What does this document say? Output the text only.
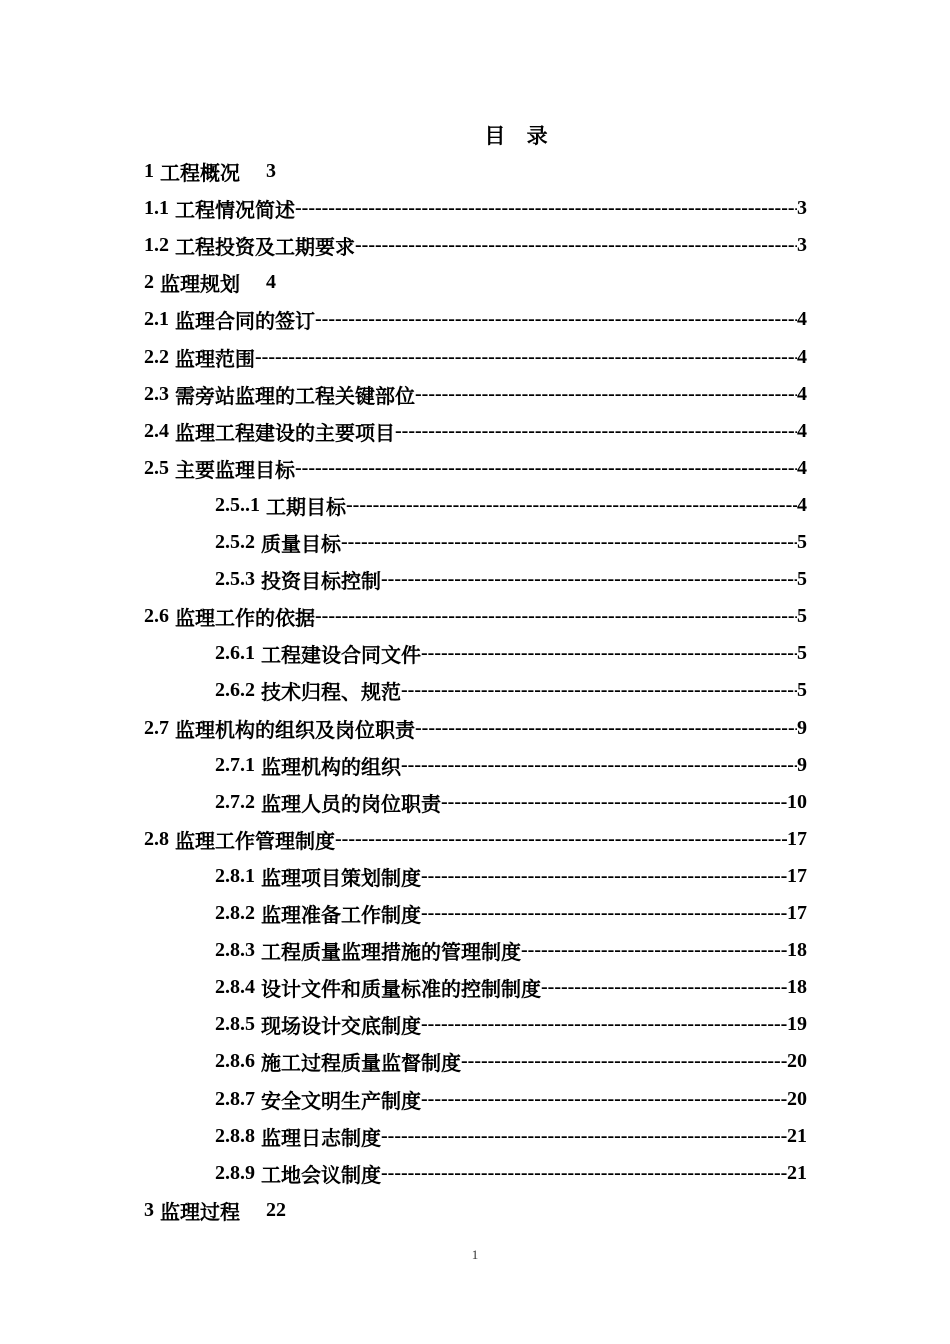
目 录
1 工程概况 3
1.1 工程情况简述 -----	3
1.2 工程投资及工期要求 -----	3
2 监理规划 4
2.1 监理合同的签订 -----	4
2.2 监理范围 -----	4
2.3 需旁站监理的工程关键部位 -----	4
2.4 监理工程建设的主要项目 -----	4
2.5 主要监理目标 -----	4
2.5..1 工期目标 -----	4
2.5.2 质量目标 -----	5
2.5.3 投资目标控制 -----	5
2.6 监理工作的依据 -----	5
2.6.1 工程建设合同文件 -----	5
2.6.2 技术归程、规范 -----	5
2.7 监理机构的组织及岗位职责 -----	9
2.7.1 监理机构的组织 -----	9
2.7.2 监理人员的岗位职责 -----	10
2.8 监理工作管理制度 -----	17
2.8.1 监理项目策划制度 -----	17
2.8.2 监理准备工作制度 -----	17
2.8.3 工程质量监理措施的管理制度 -----	18
2.8.4 设计文件和质量标准的控制制度 -----	18
2.8.5 现场设计交底制度 -----	19
2.8.6 施工过程质量监督制度 -----	20
2.8.7 安全文明生产制度 -----	20
2.8.8 监理日志制度 -----	21
2.8.9 工地会议制度 -----	21
3 监理过程 22
1
